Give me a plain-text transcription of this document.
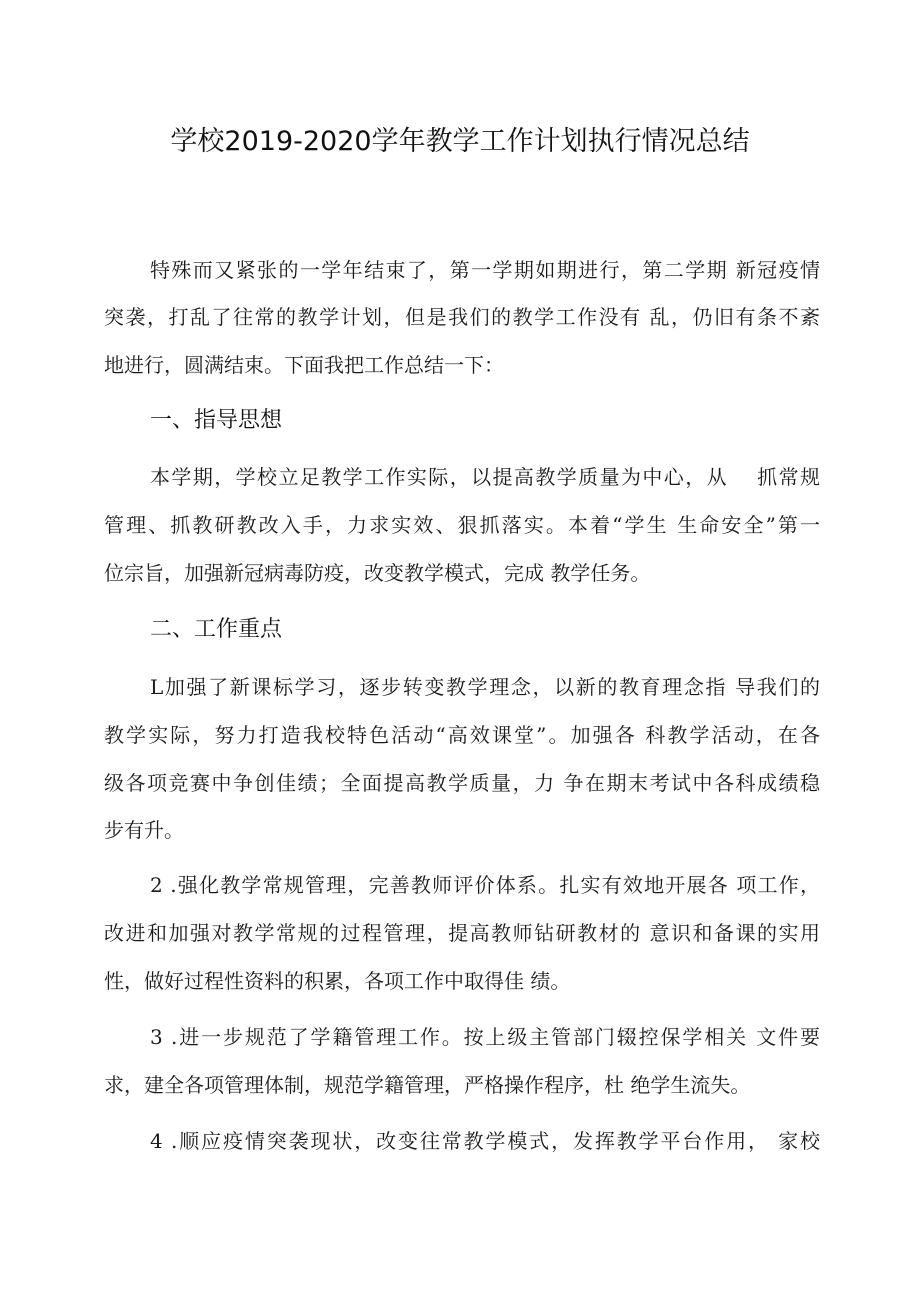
学校2019-2020学年教学工作计划执行情况总结
特殊而又紧张的一学年结束了，第一学期如期进行，第二学期 新冠疫情
突袭，打乱了往常的教学计划，但是我们的教学工作没有 乱，仍旧有条不紊
地进行，圆满结束。下面我把工作总结一下：
一、指导思想
本学期，学校立足教学工作实际，以提高教学质量为中心，从　 抓常规
管理、抓教研教改入手，力求实效、狠抓落实。本着“学生 生命安全”第一
位宗旨，加强新冠病毒防疫，改变教学模式，完成 教学任务。
二、工作重点
L加强了新课标学习，逐步转变教学理念，以新的教育理念指 导我们的
教学实际，努力打造我校特色活动“高效课堂”。加强各 科教学活动，在各
级各项竞赛中争创佳绩；全面提高教学质量，力 争在期末考试中各科成绩稳
步有升。
2 .强化教学常规管理，完善教师评价体系。扎实有效地开展各 项工作，
改进和加强对教学常规的过程管理，提高教师钻研教材的 意识和备课的实用
性，做好过程性资料的积累，各项工作中取得佳 绩。
3 .进一步规范了学籍管理工作。按上级主管部门辍控保学相关 文件要
求，建全各项管理体制，规范学籍管理，严格操作程序，杜 绝学生流失。
4 .顺应疫情突袭现状，改变往常教学模式，发挥教学平台作用， 家校
